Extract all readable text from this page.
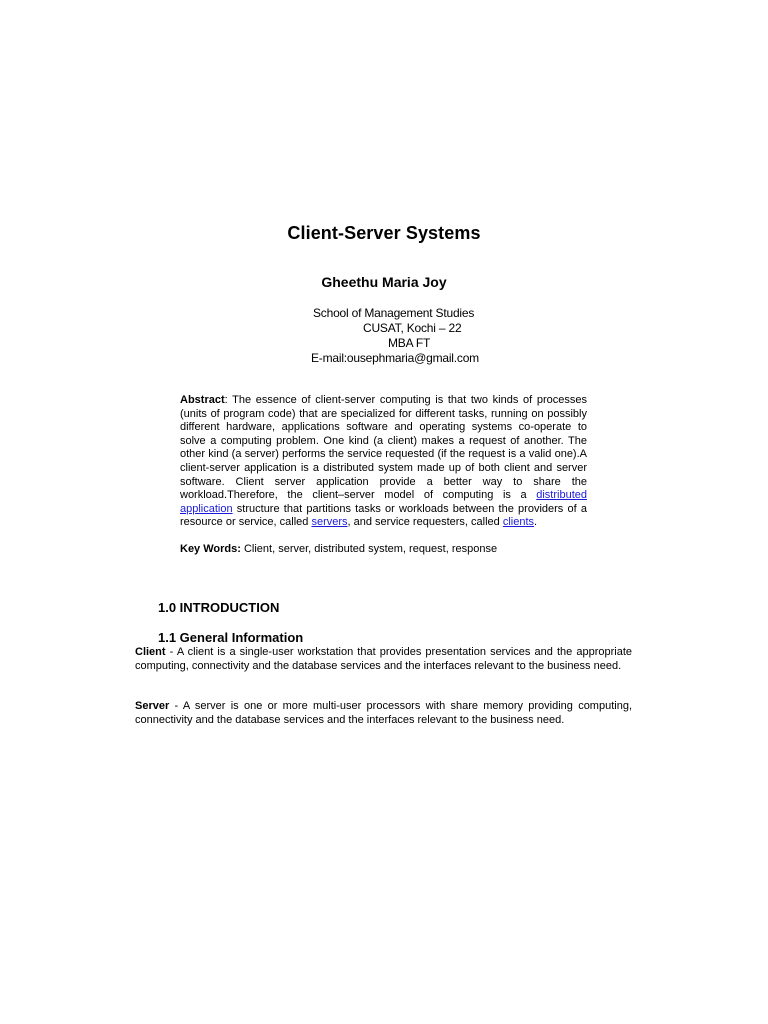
Client-Server Systems
Gheethu Maria Joy
School of Management Studies
CUSAT, Kochi – 22
MBA FT
E-mail:ousephmaria@gmail.com
Abstract: The essence of client-server computing is that two kinds of processes (units of program code) that are specialized for different tasks, running on possibly different hardware, applications software and operating systems co-operate to solve a computing problem. One kind (a client) makes a request of another. The other kind (a server) performs the service requested (if the request is a valid one).A client-server application is a distributed system made up of both client and server software. Client server application provide a better way to share the workload.Therefore, the client–server model of computing is a distributed application structure that partitions tasks or workloads between the providers of a resource or service, called servers, and service requesters, called clients.
Key Words: Client, server, distributed system, request, response
1.0 INTRODUCTION
1.1 General Information
Client - A client is a single-user workstation that provides presentation services and the appropriate computing, connectivity and the database services and the interfaces relevant to the business need.
Server - A server is one or more multi-user processors with share memory providing computing, connectivity and the database services and the interfaces relevant to the business need.
